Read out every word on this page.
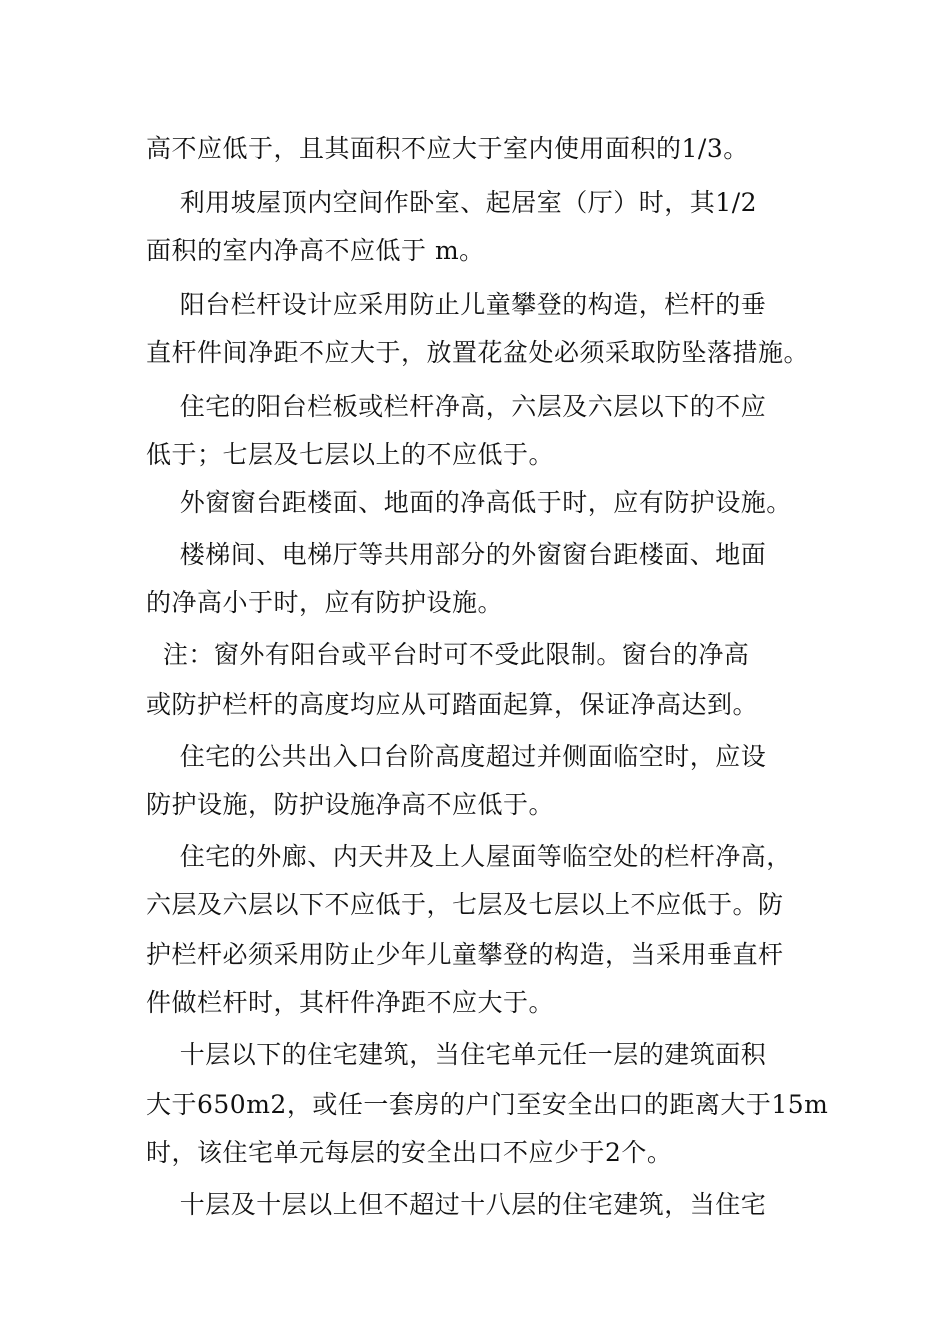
高不应低于，且其面积不应大于室内使用面积的1/3。
利用坡屋顶内空间作卧室、起居室（厅）时，其1/2
面积的室内净高不应低于 m。
阳台栏杆设计应采用防止儿童攀登的构造，栏杆的垂
直杆件间净距不应大于，放置花盆处必须采取防坠落措施。
住宅的阳台栏板或栏杆净高，六层及六层以下的不应
低于；七层及七层以上的不应低于。
外窗窗台距楼面、地面的净高低于时，应有防护设施。
楼梯间、电梯厅等共用部分的外窗窗台距楼面、地面
的净高小于时，应有防护设施。
注：窗外有阳台或平台时可不受此限制。窗台的净高
或防护栏杆的高度均应从可踏面起算，保证净高达到。
住宅的公共出入口台阶高度超过并侧面临空时，应设
防护设施，防护设施净高不应低于。
住宅的外廊、内天井及上人屋面等临空处的栏杆净高，
六层及六层以下不应低于，七层及七层以上不应低于。防
护栏杆必须采用防止少年儿童攀登的构造，当采用垂直杆
件做栏杆时，其杆件净距不应大于。
十层以下的住宅建筑，当住宅单元任一层的建筑面积
大于650m2，或任一套房的户门至安全出口的距离大于15m
时，该住宅单元每层的安全出口不应少于2个。
十层及十层以上但不超过十八层的住宅建筑，当住宅
